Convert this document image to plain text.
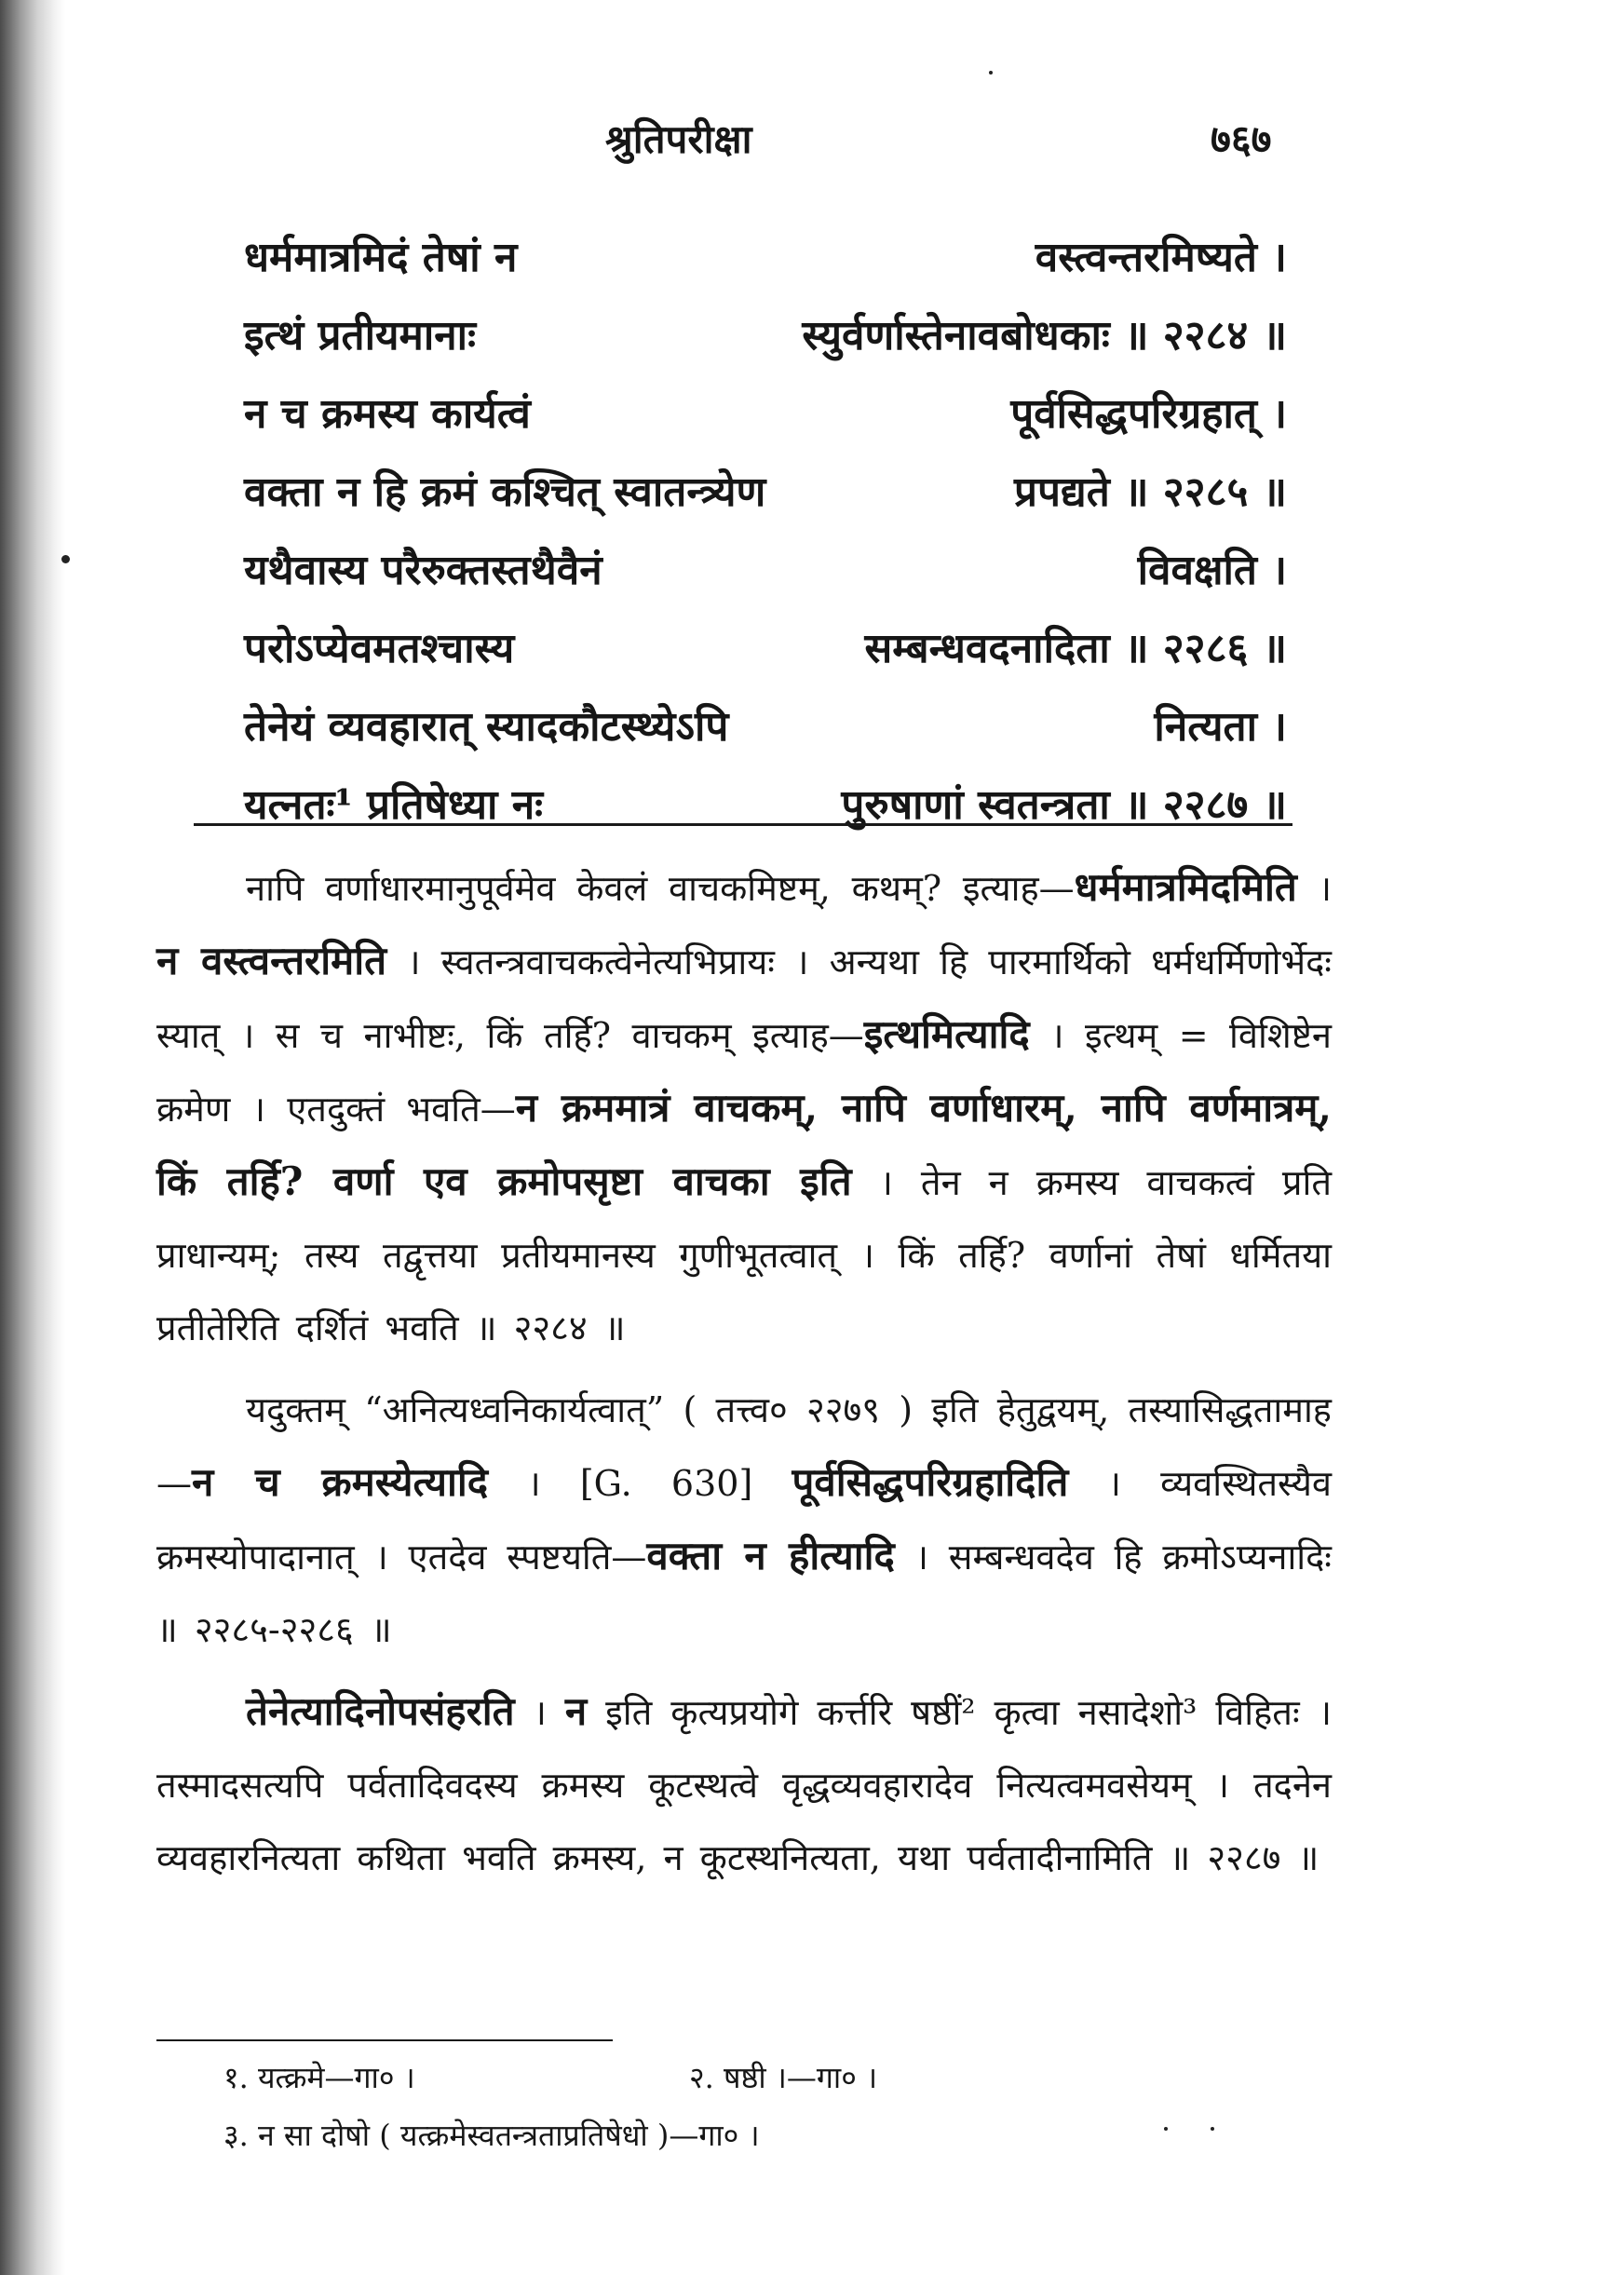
श्रुतिपरीक्षा	७६७
धर्ममात्रमिदं तेषां न	वस्त्वन्तरमिष्यते ।
इत्थं प्रतीयमानाः	स्युर्वर्णास्तेनावबोधकाः ॥ २२८४ ॥
न च क्रमस्य कार्यत्वं	पूर्वसिद्धपरिग्रहात् ।
वक्ता न हि क्रमं कश्चित् स्वातन्त्र्येण	प्रपद्यते ॥ २२८५ ॥
यथैवास्य परैरुक्तस्तथैवैनं	विवक्षति ।
परोऽप्येवमतश्चास्य	सम्बन्धवदनादिता ॥ २२८६ ॥
तेनेयं व्यवहारात् स्यादकौटस्थ्येऽपि	नित्यता ।
यत्नतः¹ प्रतिषेध्या नः	पुरुषाणां स्वतन्त्रता ॥ २२८७ ॥

नापि वर्णाधारमानुपूर्वमेव केवलं वाचकमिष्टम्, कथम्? इत्याह—धर्ममात्रमिदमिति । न वस्त्वन्तरमिति । स्वतन्त्रवाचकत्वेनेत्यभिप्रायः । अन्यथा हि पारमार्थिको धर्मधर्मिणोर्भेदः स्यात् । स च नाभीष्टः, किं तर्हि? वाचकम् इत्याह—इत्थमित्यादि । इत्थम् = विशिष्टेन क्रमेण । एतदुक्तं भवति—न क्रममात्रं वाचकम्, नापि वर्णाधारम्, नापि वर्णमात्रम्, किं तर्हि? वर्णा एव क्रमोपसृष्टा वाचका इति । तेन न क्रमस्य वाचकत्वं प्रति प्राधान्यम्; तस्य तद्वृत्तया प्रतीयमानस्य गुणीभूतत्वात् । किं तर्हि? वर्णानां तेषां धर्मितया प्रतीतेरिति दर्शितं भवति ॥ २२८४ ॥

यदुक्तम् “अनित्यध्वनिकार्यत्वात्” ( तत्त्व० २२७९ ) इति हेतुद्वयम्, तस्यासिद्धतामाह—न च क्रमस्येत्यादि । [G. 630] पूर्वसिद्धपरिग्रहादिति । व्यवस्थितस्यैव क्रमस्योपादानात् । एतदेव स्पष्टयति—वक्ता न हीत्यादि । सम्बन्धवदेव हि क्रमोऽप्यनादिः ॥ २२८५-२२८६ ॥

तेनेत्यादिनोपसंहरति । न इति कृत्यप्रयोगे कर्त्तरि षष्ठीं² कृत्वा नसादेशो³ विहितः । तस्मादसत्यपि पर्वतादिवदस्य क्रमस्य कूटस्थत्वे वृद्धव्यवहारादेव नित्यत्वमवसेयम् । तदनेन व्यवहारनित्यता कथिता भवति क्रमस्य, न कूटस्थनित्यता, यथा पर्वतादीनामिति ॥ २२८७ ॥

१. यत्क्रमे—गा० ।	२. षष्ठी ।—गा० ।
३. न सा दोषो ( यत्क्रमेस्वतन्त्रताप्रतिषेधो )—गा० ।
